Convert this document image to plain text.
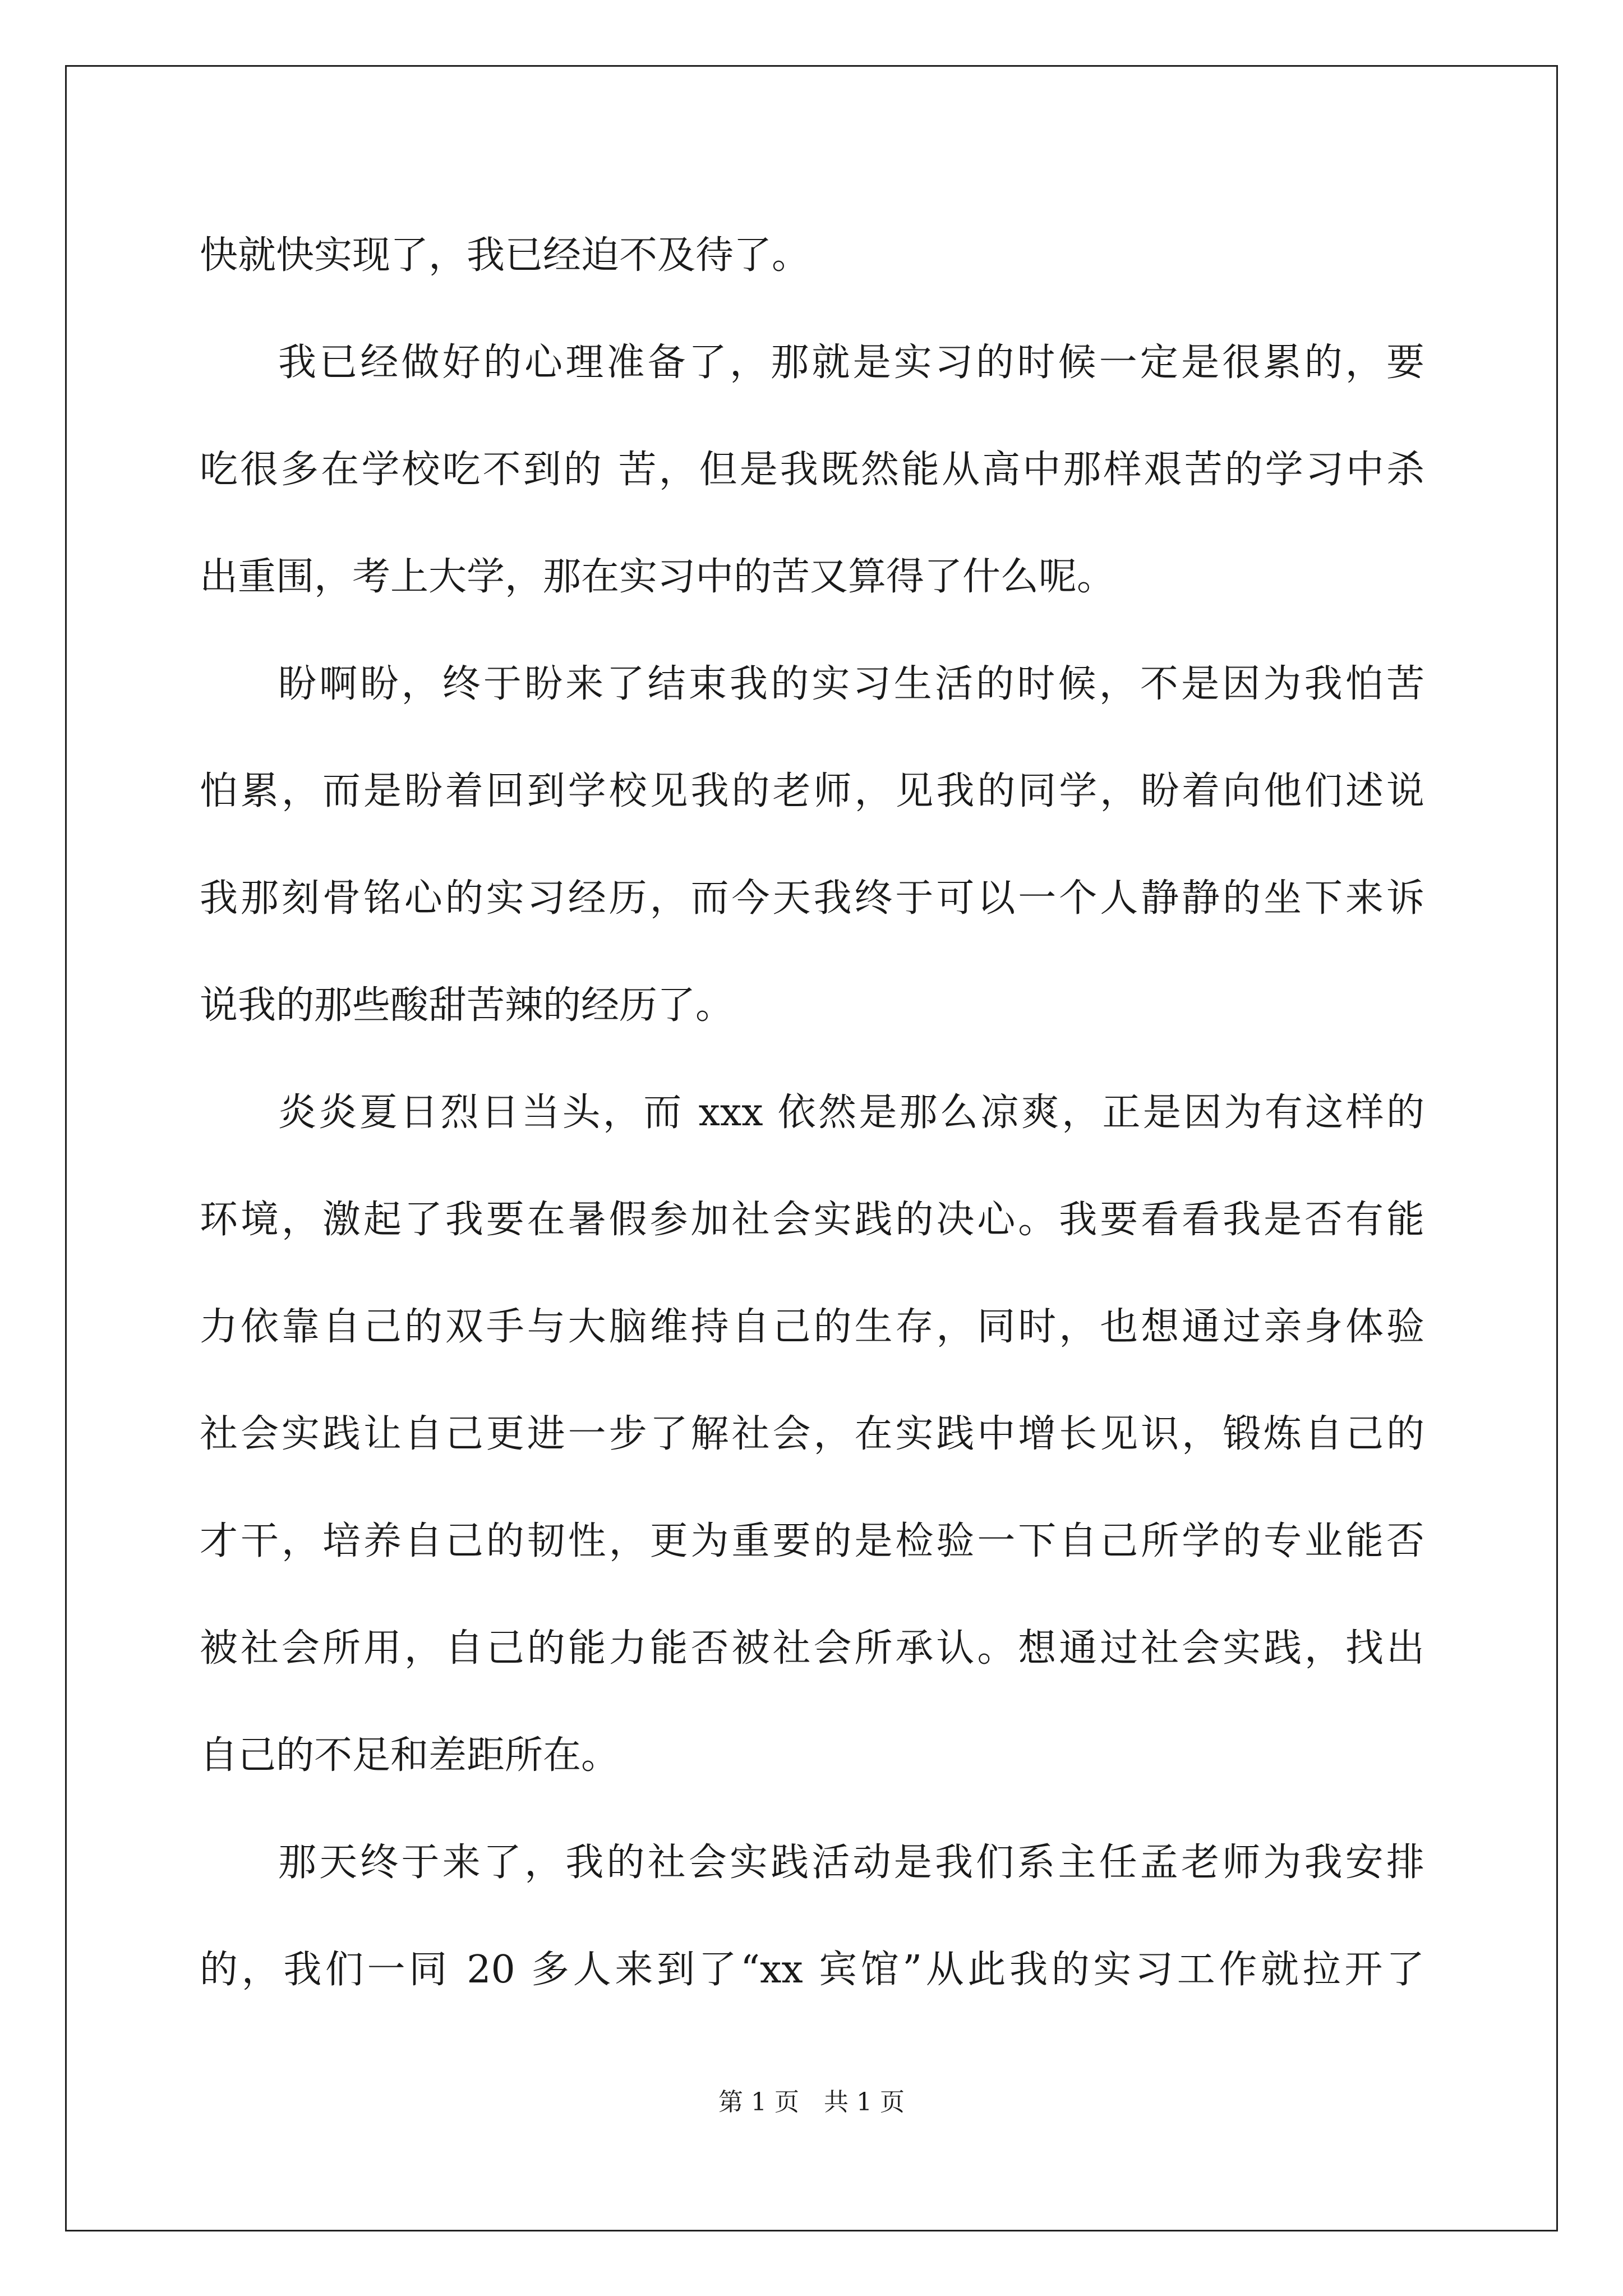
快就快实现了，我已经迫不及待了。
我已经做好的心理准备了，那就是实习的时候一定是很累的，要
吃很多在学校吃不到的 苦，但是我既然能从高中那样艰苦的学习中杀
出重围，考上大学，那在实习中的苦又算得了什么呢。
盼啊盼，终于盼来了结束我的实习生活的时候，不是因为我怕苦
怕累，而是盼着回到学校见我的老师，见我的同学，盼着向他们述说
我那刻骨铭心的实习经历，而今天我终于可以一个人静静的坐下来诉
说我的那些酸甜苦辣的经历了。
炎炎夏日烈日当头，而 xxx 依然是那么凉爽，正是因为有这样的
环境，激起了我要在暑假参加社会实践的决心。我要看看我是否有能
力依靠自己的双手与大脑维持自己的生存，同时，也想通过亲身体验
社会实践让自己更进一步了解社会，在实践中增长见识，锻炼自己的
才干，培养自己的韧性，更为重要的是检验一下自己所学的专业能否
被社会所用，自己的能力能否被社会所承认。想通过社会实践，找出
自己的不足和差距所在。
那天终于来了，我的社会实践活动是我们系主任孟老师为我安排
的，我们一同 20 多人来到了“xx 宾馆”从此我的实习工作就拉开了
第 1 页　共 1 页
